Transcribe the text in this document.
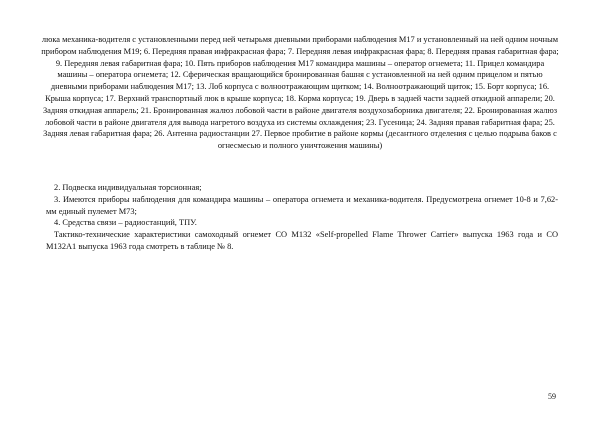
люка механика-водителя с установленными перед ней четырьмя дневными приборами наблюдения М17 и установленный на ней одним ночным прибором наблюдения М19; 6. Передняя правая инфракрасная фара; 7. Передняя левая инфракрасная фара; 8. Передняя правая габаритная фара; 9. Передняя левая габаритная фара; 10. Пять приборов наблюдения М17 командира машины – оператор огнемета; 11. Прицел командира машины – оператора огнемета; 12. Сферическая вращающийся бронированная башня с установленной на ней одним прицелом и пятью дневными приборами наблюдения М17; 13. Лоб корпуса с волноотражающим щитком; 14. Волноотражающий щиток; 15. Борт корпуса; 16. Крыша корпуса; 17. Верхний транспортный люк в крыше корпуса; 18. Корма корпуса; 19. Дверь в задней части задней откидной аппарели; 20. Задняя откидная аппарель; 21. Бронированная жалюз лобовой части в районе двигателя воздухозаборника двигателя; 22. Бронированная жалюз лобовой части в районе двигателя для вывода нагретого воздуха из системы охлаждения; 23. Гусеница; 24. Задняя правая габаритная фара; 25. Задняя левая габаритная фара; 26. Антенна радиостанции 27. Первое пробитие в районе кормы (десантного отделения с целью подрыва баков с огнесмесью и полного уничтожения машины)

2. Подвеска индивидуальная торсионная;

3. Имеются приборы наблюдения для командира машины – оператора огнемета и механика-водителя. Предусмотрена огнемет 10-8 и 7,62-мм единый пулемет М73;

4. Средства связи – радиостанций, ТПУ.

Тактико-технические характеристики самоходный огнемет CO M132 «Self-propelled Flame Thrower Carrier» выпуска 1963 года и CO M132A1 выпуска 1963 года смотреть в таблице № 8.

59
